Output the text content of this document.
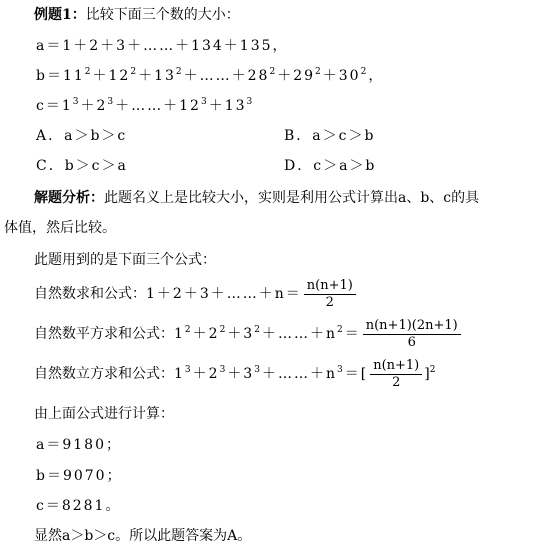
例题1：比较下面三个数的大小：
a＝1＋2＋3＋……＋134＋135，
$b=11^2+12^2+13^2+\dots\dots+28^2+29^2+30^2$，
$c=1^3+2^3+\dots\dots+12^3+13^3$
A．a＞b＞c	B．a＞c＞b
C．b＞c＞a	D．c＞a＞b
解题分析：此题名义上是比较大小，实则是利用公式计算出a、b、c的具
体值，然后比较。
此题用到的是下面三个公式：
自然数求和公式：1＋2＋3＋……＋n＝ $\frac{n(n+1)}{2}$
自然数平方求和公式：$1^2+2^2+3^2+\dots\dots+n^2= \frac{n(n+1)(2n+1)}{6}$
自然数立方求和公式：$1^3+2^3+3^3+\dots\dots+n^3=[ \frac{n(n+1)}{2} ]^2$
由上面公式进行计算：
a＝9180；
b＝9070；
c＝8281。
显然a＞b＞c。所以此题答案为A。
